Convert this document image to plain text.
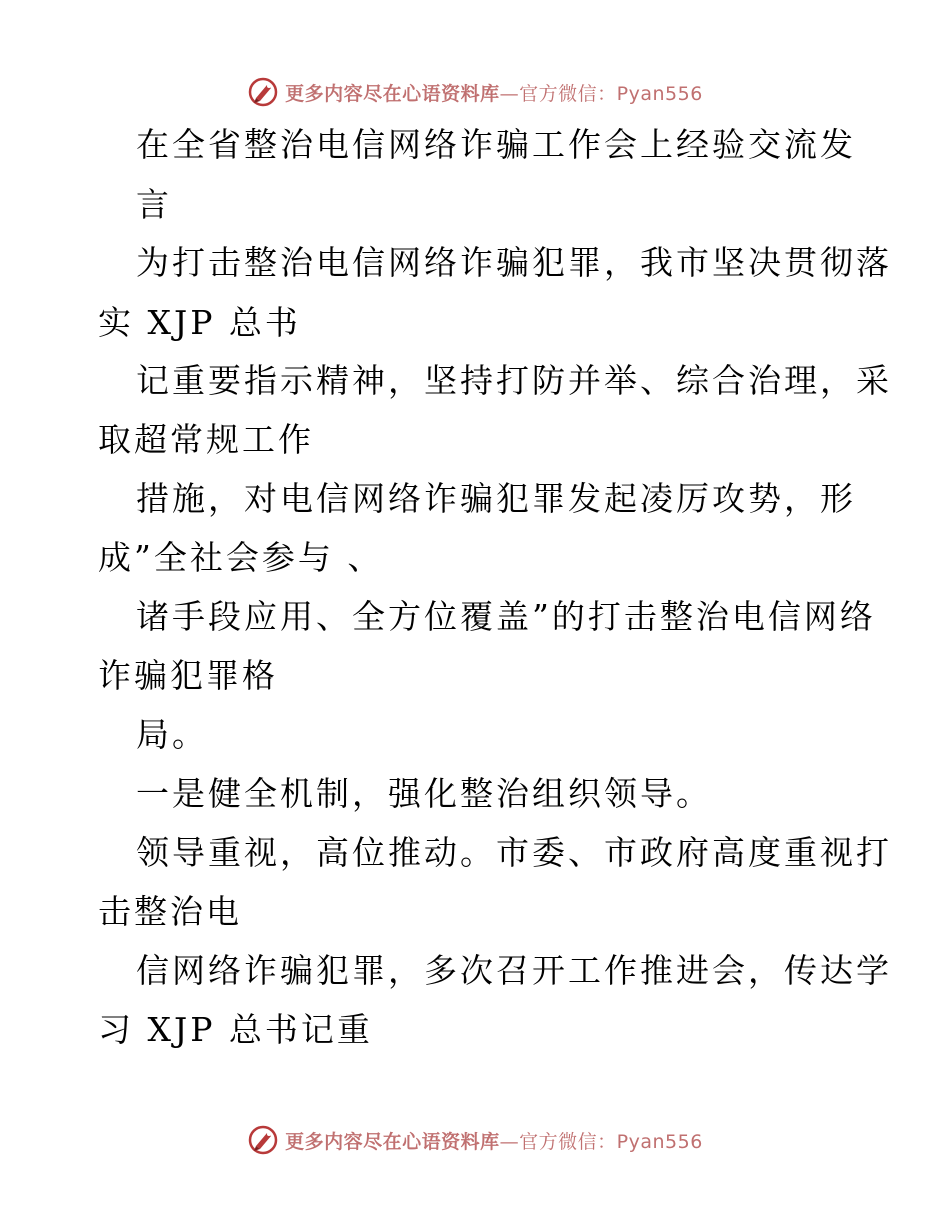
更多内容尽在心语资料库—官方微信：Pyan556
在全省整治电信网络诈骗工作会上经验交流发
言
为打击整治电信网络诈骗犯罪，我市坚决贯彻落
实 XJP 总书
记重要指示精神，坚持打防并举、综合治理，采
取超常规工作
措施，对电信网络诈骗犯罪发起凌厉攻势，形
成”全社会参与 、
诸手段应用、全方位覆盖”的打击整治电信网络
诈骗犯罪格
局。
一是健全机制，强化整治组织领导。
领导重视，高位推动。市委、市政府高度重视打
击整治电
信网络诈骗犯罪，多次召开工作推进会，传达学
习 XJP 总书记重
更多内容尽在心语资料库—官方微信：Pyan556
